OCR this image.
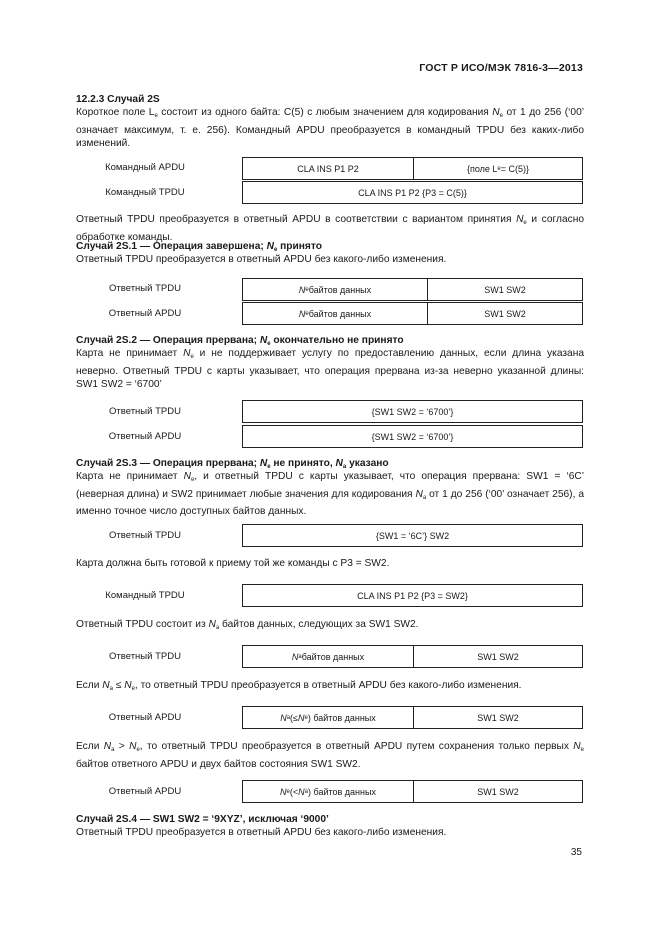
ГОСТ Р ИСО/МЭК 7816-3—2013

12.2.3 Случай 2S

Короткое поле $L_e$ состоит из одного байта: C(5) с любым значением для кодирования $N_e$ от 1 до 256 (‘00’ означает максимум, т. е. 256). Командный APDU преобразуется в командный TPDU без каких-либо изменений.

Командный APDU	CLA INS P1 P2	{поле L e = C(5)}
Командный TPDU	CLA INS P1 P2 {P3 = C(5)}

Ответный TPDU преобразуется в ответный APDU в соответствии с вариантом принятия $N_e$ и согласно обработке команды.

Случай 2S.1 — Операция завершена; $N_e$ принято

Ответный TPDU преобразуется в ответный APDU без какого-либо изменения.

Ответный TPDU	N e байтов данных	SW1 SW2
Ответный APDU	N e байтов данных	SW1 SW2

Случай 2S.2 — Операция прервана; $N_e$ окончательно не принято

Карта не принимает $N_e$ и не поддерживает услугу по предоставлению данных, если длина указана неверно. Ответный TPDU с карты указывает, что операция прервана из-за неверно указанной длины: SW1 SW2 = ‘6700’

Ответный TPDU	{SW1 SW2 = ‘6700’}
Ответный APDU	{SW1 SW2 = ‘6700’}

Случай 2S.3 — Операция прервана; $N_e$ не принято, $N_a$ указано

Карта не принимает $N_e$, и ответный TPDU с карты указывает, что операция прервана: SW1 = ‘6C’ (неверная длина) и SW2 принимает любые значения для кодирования $N_a$ от 1 до 256 (‘00’ означает 256), а именно точное число доступных байтов данных.

Ответный TPDU	{SW1 = ‘6C’} SW2

Карта должна быть готовой к приему той же команды с P3 = SW2.

Командный TPDU	CLA INS P1 P2 {P3 = SW2}

Ответный TPDU состоит из $N_a$ байтов данных, следующих за SW1 SW2.

Ответный TPDU	N a байтов данных	SW1 SW2

Если $N_a \le N_e$, то ответный TPDU преобразуется в ответный APDU без какого-либо изменения.

Ответный APDU	N a (≤ N e ) байтов данных	SW1 SW2

Если $N_a > N_e$, то ответный TPDU преобразуется в ответный APDU путем сохранения только первых $N_e$ байтов ответного APDU и двух байтов состояния SW1 SW2.

Ответный APDU	N e (< N a ) байтов данных	SW1 SW2

Случай 2S.4 — SW1 SW2 = ‘9XYZ’, исключая ‘9000’

Ответный TPDU преобразуется в ответный APDU без какого-либо изменения.

35
